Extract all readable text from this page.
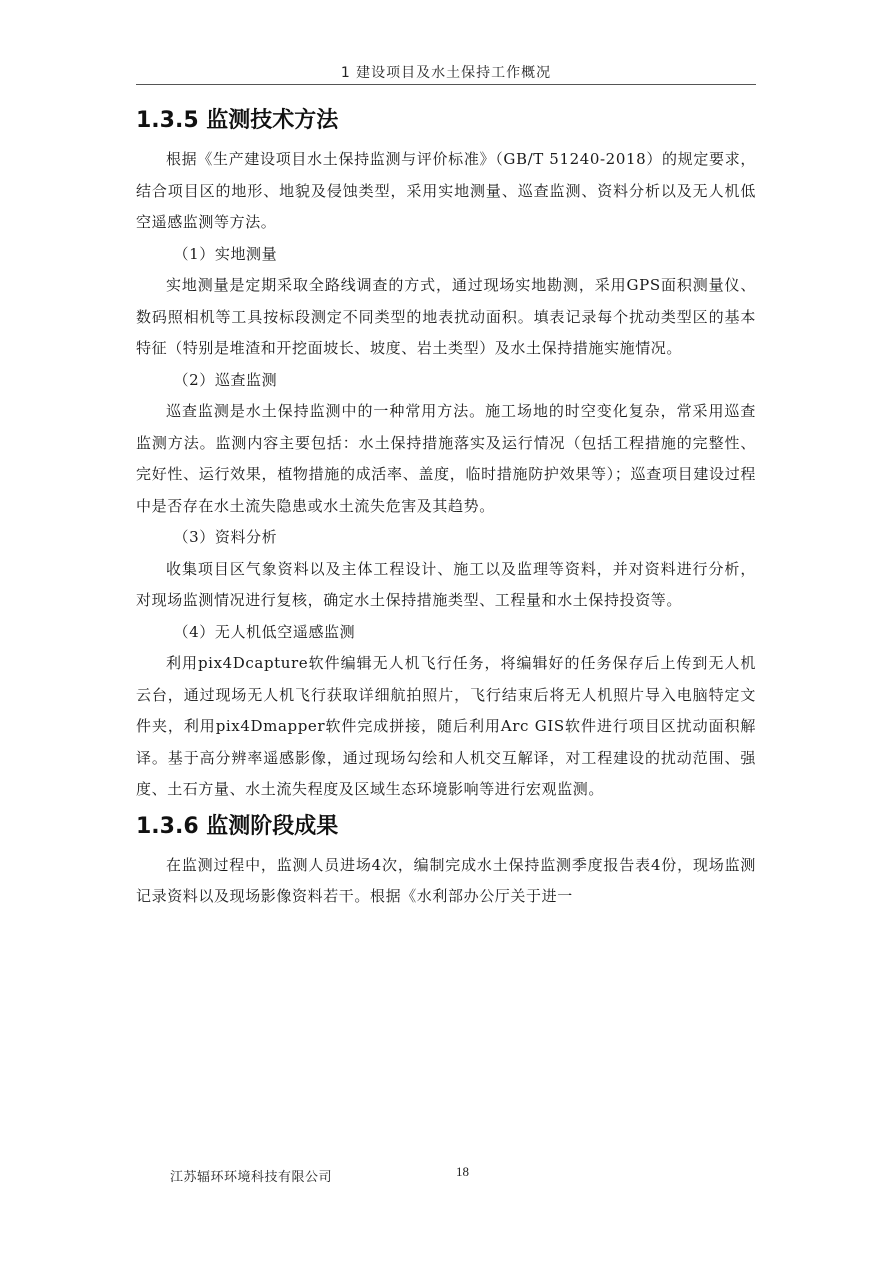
1 建设项目及水土保持工作概况
1.3.5 监测技术方法

根据《生产建设项目水土保持监测与评价标准》（GB/T 51240-2018）的规定要求，结合项目区的地形、地貌及侵蚀类型，采用实地测量、巡查监测、资料分析以及无人机低空遥感监测等方法。

（1）实地测量

实地测量是定期采取全路线调查的方式，通过现场实地勘测，采用GPS面积测量仪、数码照相机等工具按标段测定不同类型的地表扰动面积。填表记录每个扰动类型区的基本特征（特别是堆渣和开挖面坡长、坡度、岩土类型）及水土保持措施实施情况。

（2）巡查监测

巡查监测是水土保持监测中的一种常用方法。施工场地的时空变化复杂，常采用巡查监测方法。监测内容主要包括：水土保持措施落实及运行情况（包括工程措施的完整性、完好性、运行效果，植物措施的成活率、盖度，临时措施防护效果等）；巡查项目建设过程中是否存在水土流失隐患或水土流失危害及其趋势。

（3）资料分析

收集项目区气象资料以及主体工程设计、施工以及监理等资料，并对资料进行分析，对现场监测情况进行复核，确定水土保持措施类型、工程量和水土保持投资等。

（4）无人机低空遥感监测

利用pix4Dcapture软件编辑无人机飞行任务，将编辑好的任务保存后上传到无人机云台，通过现场无人机飞行获取详细航拍照片，飞行结束后将无人机照片导入电脑特定文件夹，利用pix4Dmapper软件完成拼接，随后利用Arc GIS软件进行项目区扰动面积解译。基于高分辨率遥感影像，通过现场勾绘和人机交互解译，对工程建设的扰动范围、强度、土石方量、水土流失程度及区域生态环境影响等进行宏观监测。

1.3.6 监测阶段成果

在监测过程中，监测人员进场4次，编制完成水土保持监测季度报告表4份，现场监测记录资料以及现场影像资料若干。根据《水利部办公厅关于进一

江苏辐环环境科技有限公司	18
